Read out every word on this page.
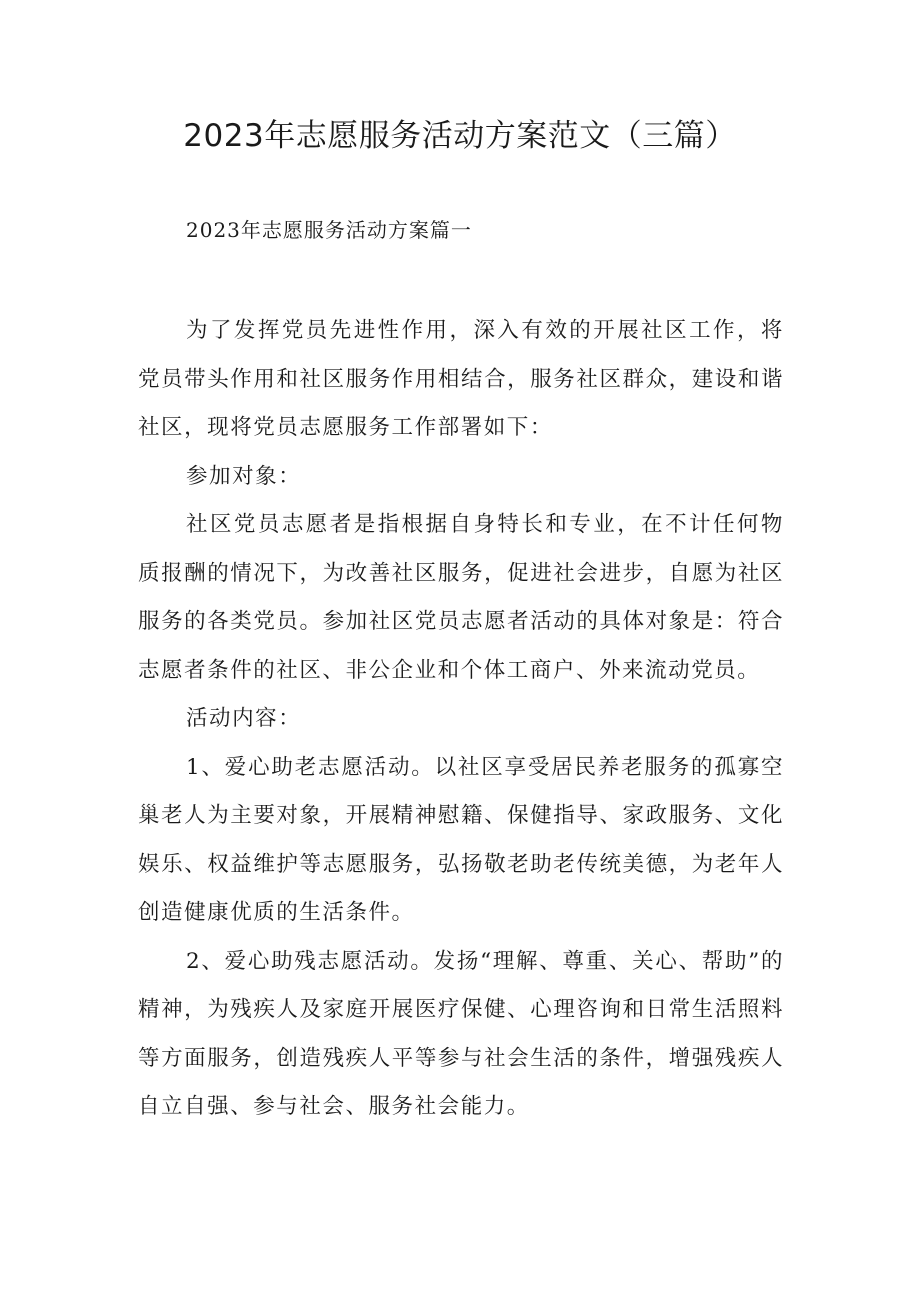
2023年志愿服务活动方案范文（三篇）
2023年志愿服务活动方案篇一

为了发挥党员先进性作用，深入有效的开展社区工作，将党员带头作用和社区服务作用相结合，服务社区群众，建设和谐社区，现将党员志愿服务工作部署如下：

参加对象：

社区党员志愿者是指根据自身特长和专业，在不计任何物质报酬的情况下，为改善社区服务，促进社会进步，自愿为社区服务的各类党员。参加社区党员志愿者活动的具体对象是：符合志愿者条件的社区、非公企业和个体工商户、外来流动党员。

活动内容：

1、爱心助老志愿活动。以社区享受居民养老服务的孤寡空巢老人为主要对象，开展精神慰籍、保健指导、家政服务、文化娱乐、权益维护等志愿服务，弘扬敬老助老传统美德，为老年人创造健康优质的生活条件。

2、爱心助残志愿活动。发扬“理解、尊重、关心、帮助”的精神，为残疾人及家庭开展医疗保健、心理咨询和日常生活照料等方面服务，创造残疾人平等参与社会生活的条件，增强残疾人自立自强、参与社会、服务社会能力。
